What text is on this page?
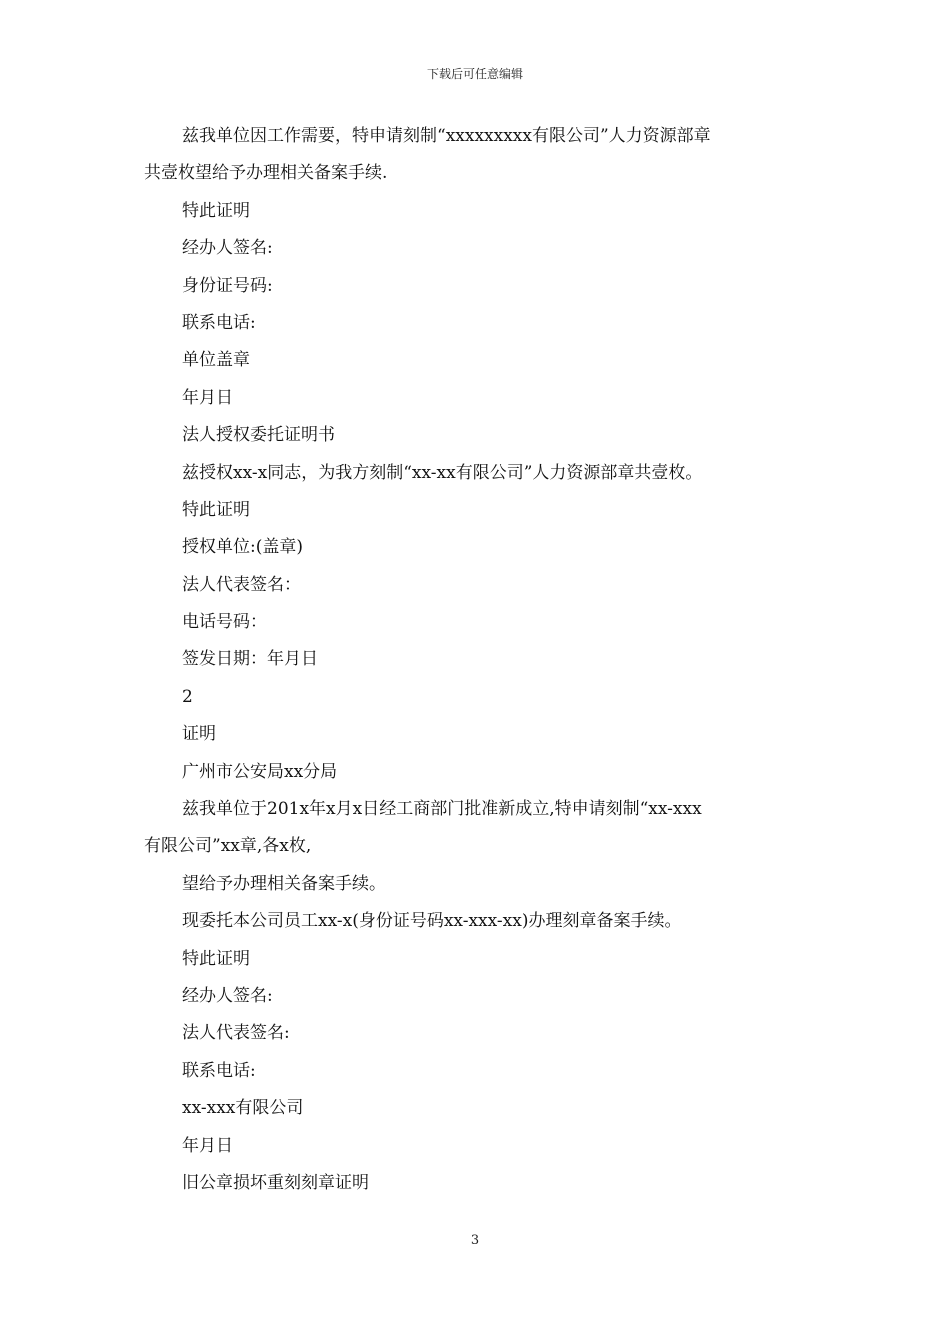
下载后可任意编辑
兹我单位因工作需要，特申请刻制“xxxxxxxxx有限公司”人力资源部章
共壹枚望给予办理相关备案手续.
特此证明
经办人签名:
身份证号码:
联系电话:
单位盖章
年月日
法人授权委托证明书
兹授权xx-x同志，为我方刻制“xx-xx有限公司”人力资源部章共壹枚。
特此证明
授权单位:(盖章)
法人代表签名：
电话号码：
签发日期：年月日
2
证明
广州市公安局xx分局
兹我单位于201x年x月x日经工商部门批准新成立,特申请刻制“xx-xxx
有限公司”xx章,各x枚,
望给予办理相关备案手续。
现委托本公司员工xx-x(身份证号码xx-xxx-xx)办理刻章备案手续。
特此证明
经办人签名:
法人代表签名:
联系电话:
xx-xxx有限公司
年月日
旧公章损坏重刻刻章证明
3
